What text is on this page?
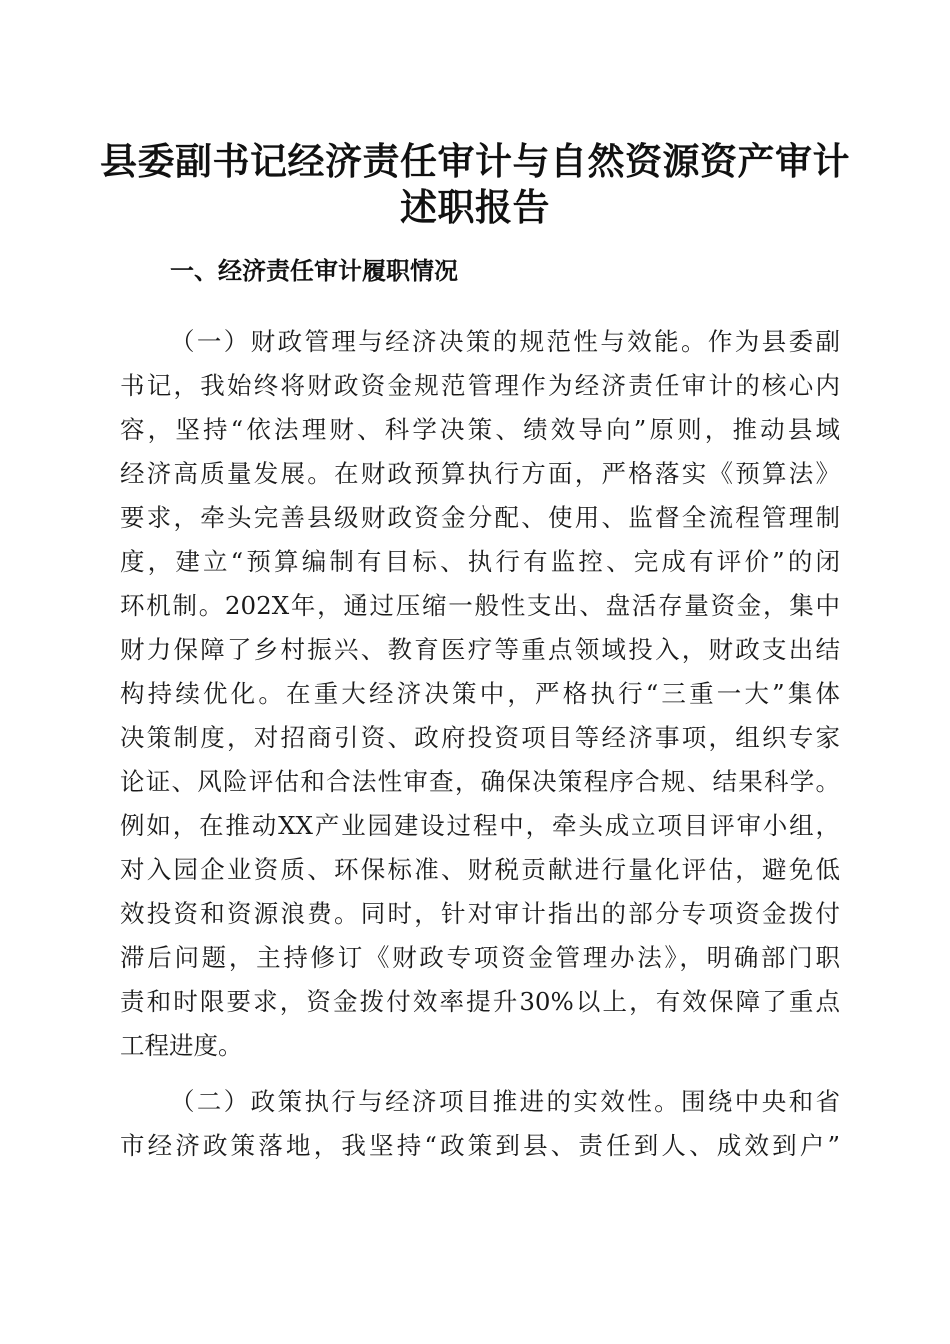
县委副书记经济责任审计与自然资源资产审计
述职报告
一、经济责任审计履职情况
（一）财政管理与经济决策的规范性与效能。作为县委副
书记，我始终将财政资金规范管理作为经济责任审计的核心内
容，坚持“依法理财、科学决策、绩效导向”原则，推动县域
经济高质量发展。在财政预算执行方面，严格落实《预算法》
要求，牵头完善县级财政资金分配、使用、监督全流程管理制
度，建立“预算编制有目标、执行有监控、完成有评价”的闭
环机制。202X年，通过压缩一般性支出、盘活存量资金，集中
财力保障了乡村振兴、教育医疗等重点领域投入，财政支出结
构持续优化。在重大经济决策中，严格执行“三重一大”集体
决策制度，对招商引资、政府投资项目等经济事项，组织专家
论证、风险评估和合法性审查，确保决策程序合规、结果科学。
例如，在推动XX产业园建设过程中，牵头成立项目评审小组，
对入园企业资质、环保标准、财税贡献进行量化评估，避免低
效投资和资源浪费。同时，针对审计指出的部分专项资金拨付
滞后问题，主持修订《财政专项资金管理办法》，明确部门职
责和时限要求，资金拨付效率提升30%以上，有效保障了重点
工程进度。
（二）政策执行与经济项目推进的实效性。围绕中央和省
市经济政策落地，我坚持“政策到县、责任到人、成效到户”
